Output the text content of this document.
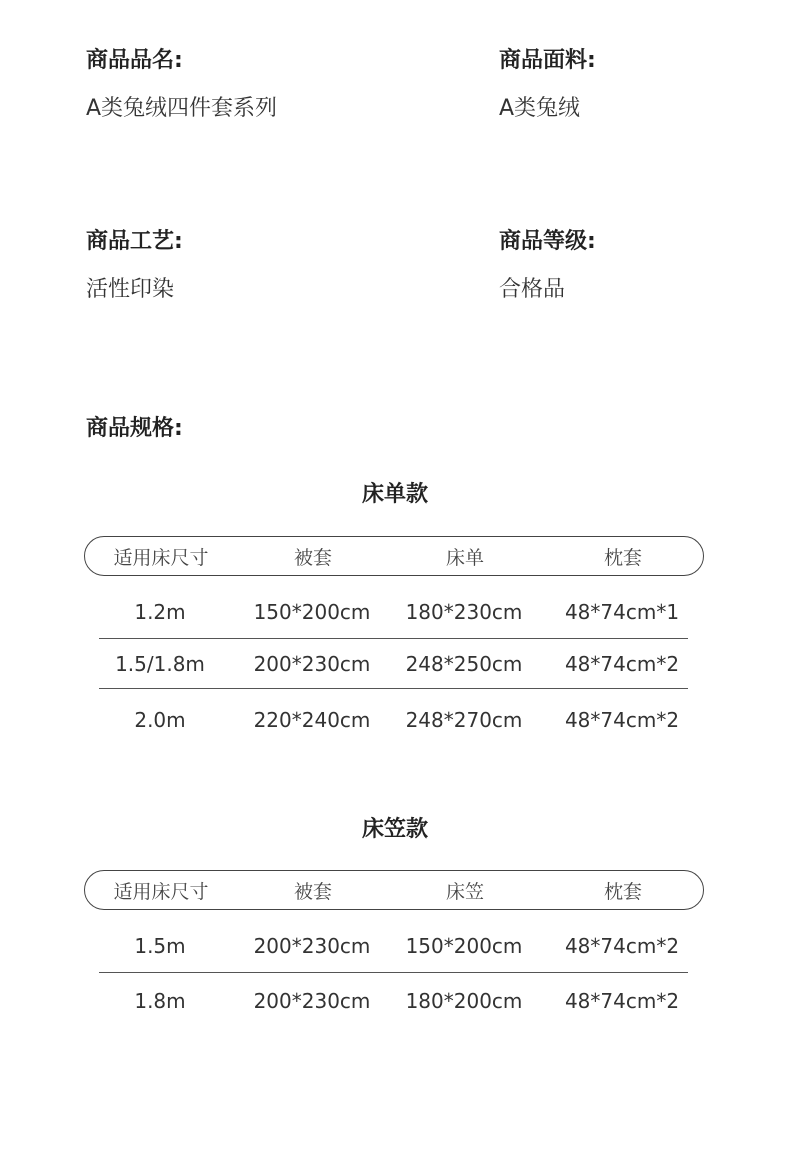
商品品名:
A类兔绒四件套系列
商品面料:
A类兔绒
商品工艺:
活性印染
商品等级:
合格品
商品规格:
床单款
适用床尺寸	被套	床单	枕套
1.2m	150*200cm	180*230cm	48*74cm*1
1.5/1.8m	200*230cm	248*250cm	48*74cm*2
2.0m	220*240cm	248*270cm	48*74cm*2
床笠款
适用床尺寸	被套	床笠	枕套
1.5m	200*230cm	150*200cm	48*74cm*2
1.8m	200*230cm	180*200cm	48*74cm*2
